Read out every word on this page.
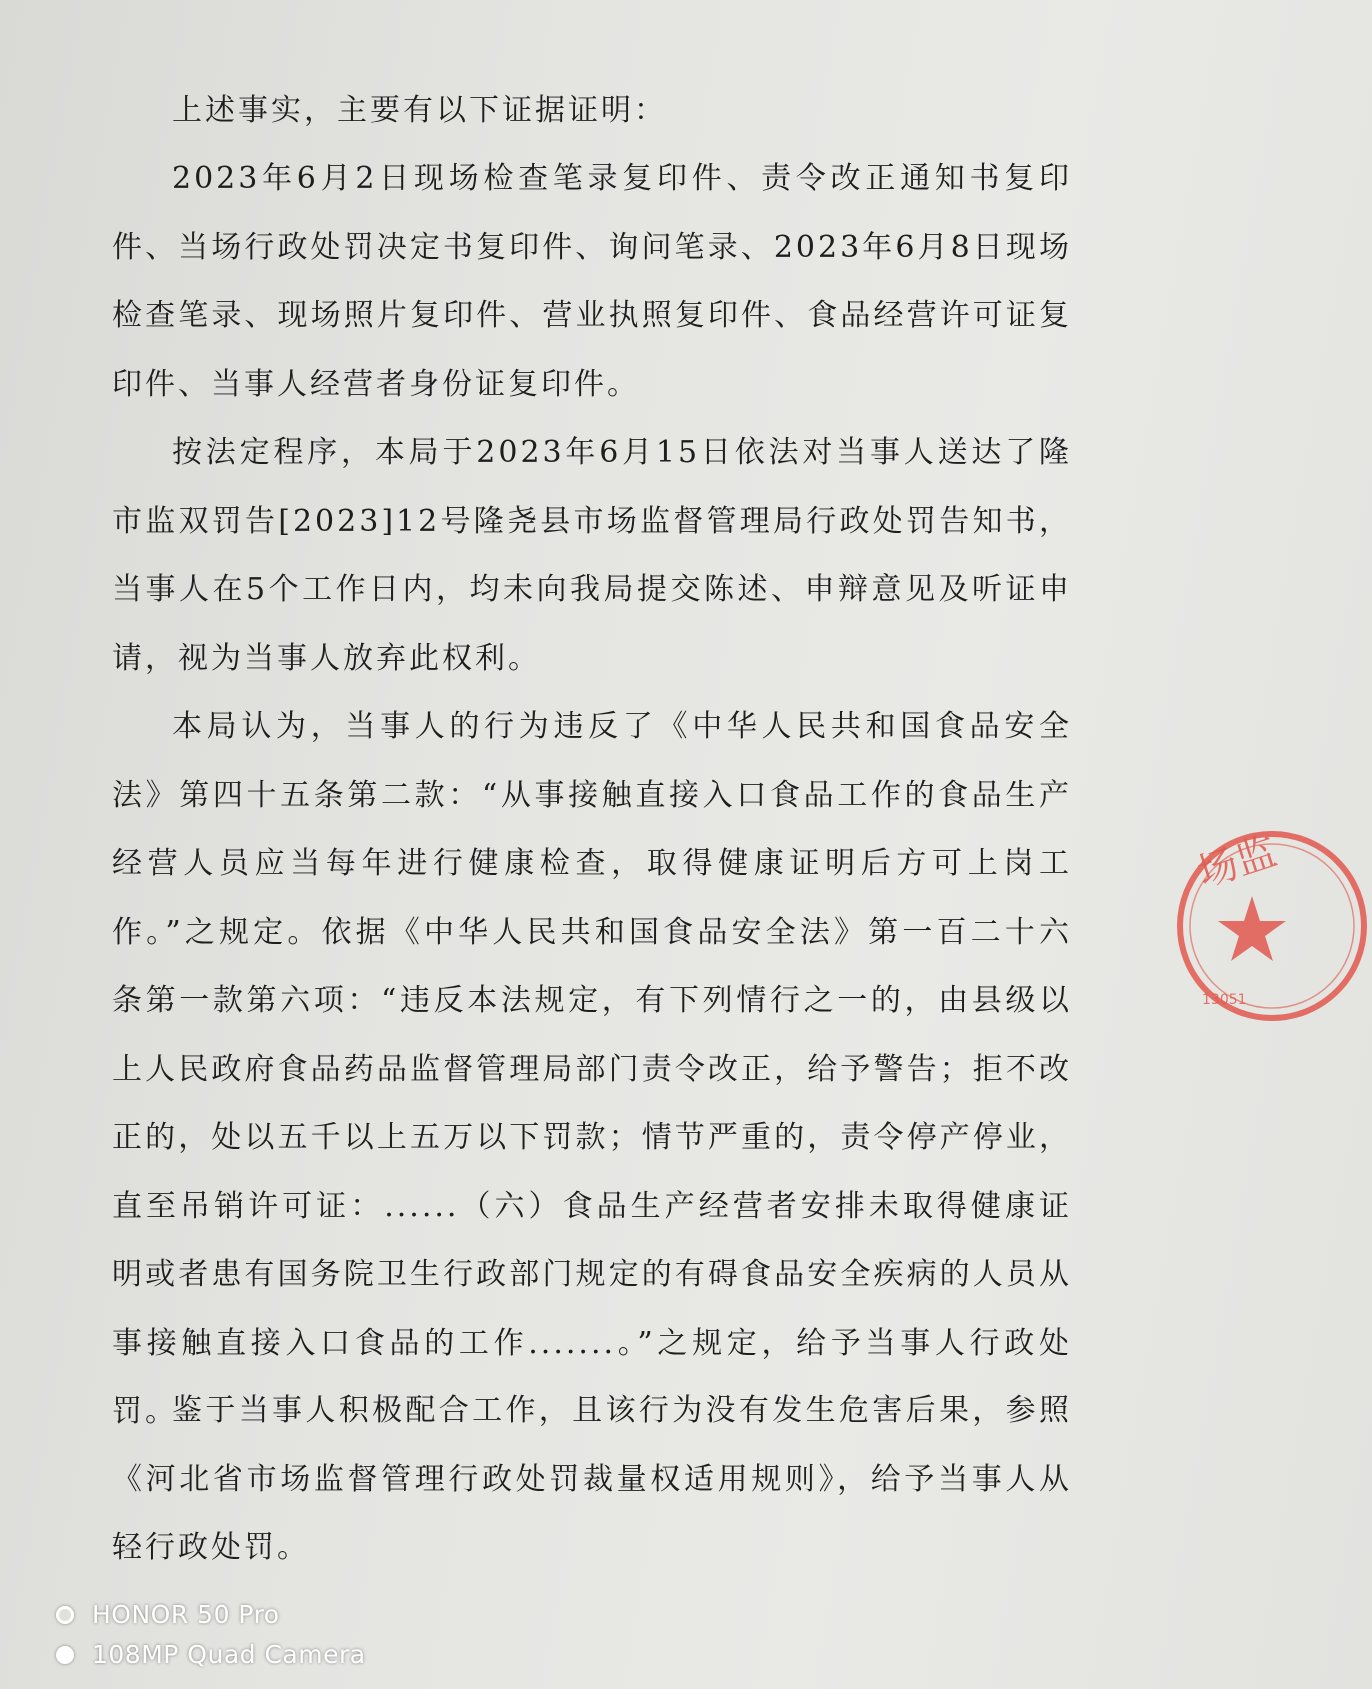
上述事实，主要有以下证据证明：

2023年6月2日现场检查笔录复印件、责令改正通知书复印件、当场行政处罚决定书复印件、询问笔录、2023年6月8日现场检查笔录、现场照片复印件、营业执照复印件、食品经营许可证复印件、当事人经营者身份证复印件。

按法定程序，本局于2023年6月15日依法对当事人送达了隆市监双罚告[2023]12号隆尧县市场监督管理局行政处罚告知书，当事人在5个工作日内，均未向我局提交陈述、申辩意见及听证申请，视为当事人放弃此权利。

本局认为，当事人的行为违反了《中华人民共和国食品安全法》第四十五条第二款：“从事接触直接入口食品工作的食品生产经营人员应当每年进行健康检查，取得健康证明后方可上岗工作。”之规定。依据《中华人民共和国食品安全法》第一百二十六条第一款第六项：“违反本法规定，有下列情行之一的，由县级以上人民政府食品药品监督管理局部门责令改正，给予警告；拒不改正的，处以五千以上五万以下罚款；情节严重的，责令停产停业，直至吊销许可证：......（六）食品生产经营者安排未取得健康证明或者患有国务院卫生行政部门规定的有碍食品安全疾病的人员从事接触直接入口食品的工作.......。”之规定，给予当事人行政处罚。

鉴于当事人积极配合工作，且该行为没有发生危害后果，参照《河北省市场监督管理行政处罚裁量权适用规则》，给予当事人从轻行政处罚。

场监
13051
HONOR 50 Pro
108MP Quad Camera
